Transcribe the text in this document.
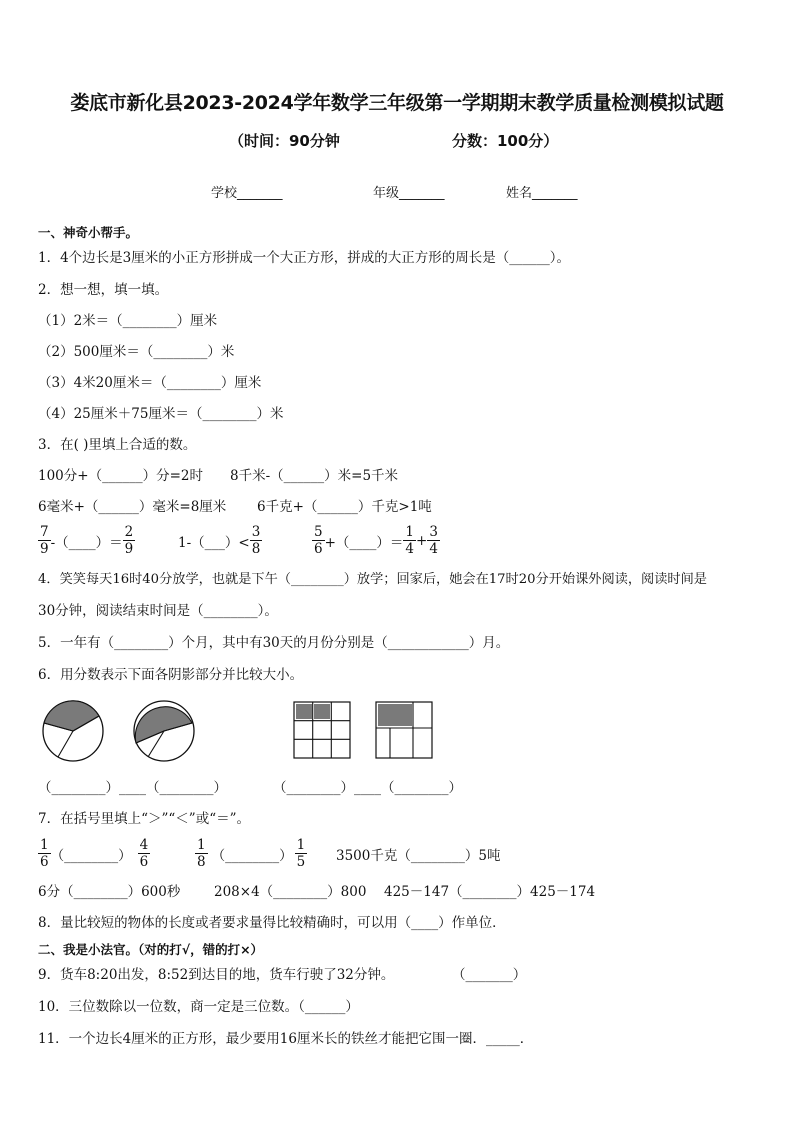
娄底市新化县2023-2024学年数学三年级第一学期期末教学质量检测模拟试题
（时间：90分钟	分数：100分）
学校_______	年级_______	姓名_______
一、神奇小帮手。
1．4个边长是3厘米的小正方形拼成一个大正方形，拼成的大正方形的周长是（______）。
2．想一想，填一填。
（1）2米＝（________）厘米
（2）500厘米＝（________）米
（3）4米20厘米＝（________）厘米
（4）25厘米＋75厘米＝（________）米
3．在( )里填上合适的数。
100分+（______）分=2时 8千米-（______）米=5千米
6毫米+（______）毫米=8厘米 6千克+（______）千克>1吨
$\frac{7}{9}$ -（____）＝ $\frac{2}{9}$	1-（___）< $\frac{3}{8}$	$\frac{5}{6}$ +（____）＝ $\frac{1}{4} + \frac{3}{4}$
4．笑笑每天16时40分放学，也就是下午（________）放学；回家后，她会在17时20分开始课外阅读，阅读时间是
30分钟，阅读结束时间是（________）。
5．一年有（________）个月，其中有30天的月份分别是（____________）月。
6．用分数表示下面各阴影部分并比较大小。
（________）____（________）	（________）____（________）
7．在括号里填上“＞”“＜”或“＝”。
$\frac{1}{6}$ （________） $\frac{4}{6}$	$\frac{1}{8}$ （________） $\frac{1}{5} 3500$千克（________）5吨
6分（________）600秒 208×4（________）800 425－147（________）425－174
8．量比较短的物体的长度或者要求量得比较精确时，可以用（____）作单位．
二、我是小法官。（对的打√，错的打×）
9．货车8:20出发，8:52到达目的地，货车行驶了32分钟。	（_______）
10．三位数除以一位数，商一定是三位数。（______）
11．一个边长4厘米的正方形，最少要用16厘米长的铁丝才能把它围一圈．_____．
